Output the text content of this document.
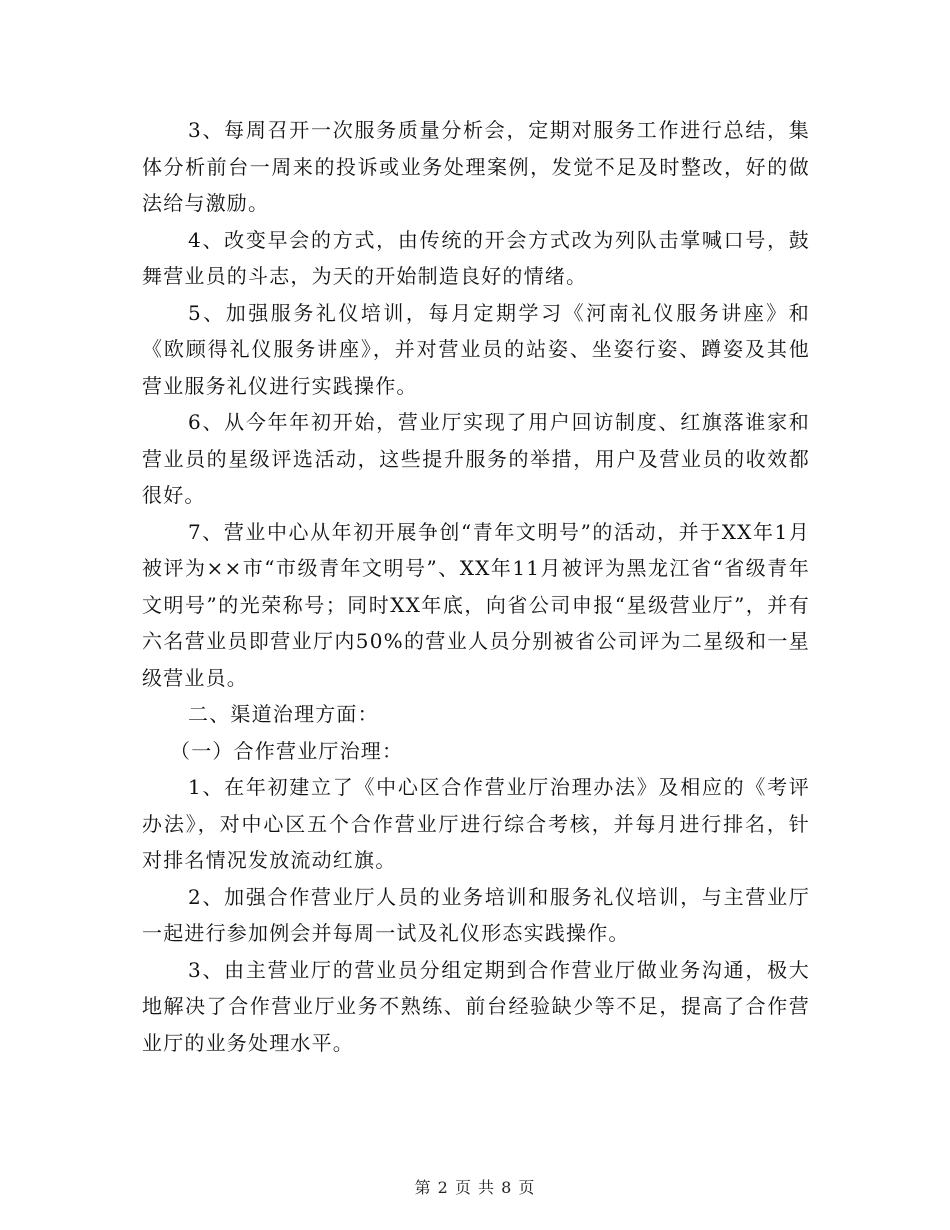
3、每周召开一次服务质量分析会，定期对服务工作进行总结，集体分析前台一周来的投诉或业务处理案例，发觉不足及时整改，好的做法给与激励。

4、改变早会的方式，由传统的开会方式改为列队击掌喊口号，鼓舞营业员的斗志，为天的开始制造良好的情绪。

5、加强服务礼仪培训，每月定期学习《河南礼仪服务讲座》和《欧顾得礼仪服务讲座》，并对营业员的站姿、坐姿行姿、蹲姿及其他营业服务礼仪进行实践操作。

6、从今年年初开始，营业厅实现了用户回访制度、红旗落谁家和营业员的星级评选活动，这些提升服务的举措，用户及营业员的收效都很好。

7、营业中心从年初开展争创“青年文明号”的活动，并于XX年1月被评为××市“市级青年文明号”、XX年11月被评为黑龙江省“省级青年文明号”的光荣称号；同时XX年底，向省公司申报“星级营业厅”，并有六名营业员即营业厅内50%的营业人员分别被省公司评为二星级和一星级营业员。

二、渠道治理方面：

（一）合作营业厅治理：

1、在年初建立了《中心区合作营业厅治理办法》及相应的《考评办法》，对中心区五个合作营业厅进行综合考核，并每月进行排名，针对排名情况发放流动红旗。

2、加强合作营业厅人员的业务培训和服务礼仪培训，与主营业厅一起进行参加例会并每周一试及礼仪形态实践操作。

3、由主营业厅的营业员分组定期到合作营业厅做业务沟通，极大地解决了合作营业厅业务不熟练、前台经验缺少等不足，提高了合作营业厅的业务处理水平。

第 2 页 共 8 页
